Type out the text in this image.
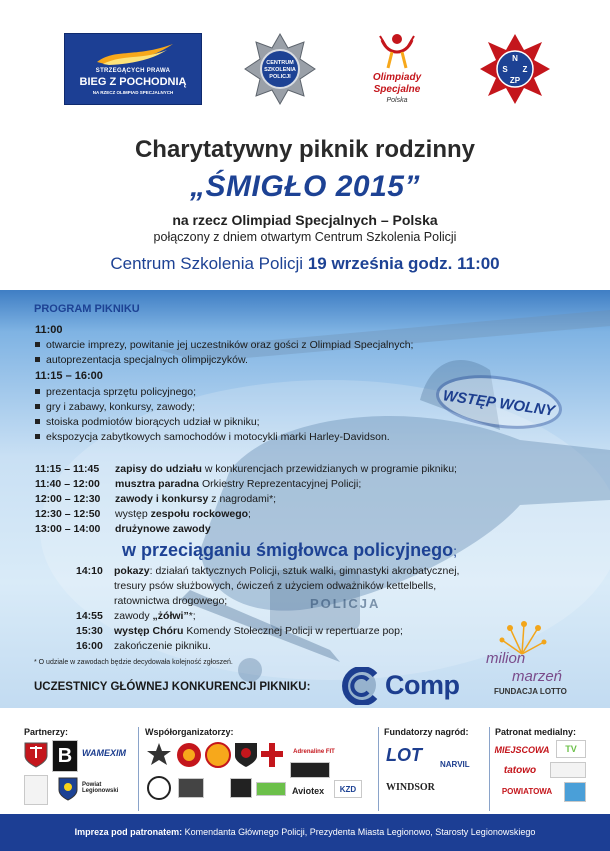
STRZEGĄCYCH PRAWA
BIEG Z POCHODNIĄ
NA RZECZ OLIMPIAD SPECJALNYCH
CENTRUM
SZKOLENIA
POLICJI	Olimpiady
Specjalne
Polska
N
S Z
ZP
Charytatywny piknik rodzinny
„ŚMIGŁO 2015”
na rzecz Olimpiad Specjalnych – Polska
połączony z dniem otwartym Centrum Szkolenia Policji
Centrum Szkolenia Policji 19 września godz. 11:00
POLICJA
PROGRAM PIKNIKU
11:00
otwarcie imprezy, powitanie jej uczestników oraz gości z Olimpiad Specjalnych;
autoprezentacja specjalnych olimpijczyków.
11:15 – 16:00
prezentacja sprzętu policyjnego;
gry i zabawy, konkursy, zawody;
stoiska podmiotów biorących udział w pikniku;
ekspozycja zabytkowych samochodów i motocykli marki Harley-Davidson.
WSTĘP WOLNY
11:15 – 11:45 zapisy do udziału w konkurencjach przewidzianych w programie pikniku;
11:40 – 12:00 musztra paradna Orkiestry Reprezentacyjnej Policji;
12:00 – 12:30 zawody i konkursy z nagrodami*;
12:30 – 12:50 występ zespołu rockowego;
13:00 – 14:00 drużynowe zawody
w przeciąganiu śmigłowca policyjnego;
14:10 pokazy: działań taktycznych Policji, sztuk walki, gimnastyki akrobatycznej,
tresury psów służbowych, ćwiczeń z użyciem odważników kettelbells,
ratownictwa drogowego;
14:55 zawody „żółwi”*;
15:30 występ Chóru Komendy Stołecznej Policji w repertuarze pop;
16:00 zakończenie pikniku.
* O udziale w zawodach będzie decydowała kolejność zgłoszeń.
UCZESTNICY GŁÓWNEJ KONKURENCJI PIKNIKU:	Comp
milion
marzeń
FUNDACJA LOTTO
Partnerzy:	Współorganizatorzy:	Fundatorzy nagród:	Patronat medialny:
B WAMEXIM
Powiat Legionowski
Adrenaline FIT
Aviotex KZD
LOT NARVIL
WINDSOR
MIEJSCOWA TV
tatowo
POWIATOWA
Impreza pod patronatem: Komendanta Głównego Policji, Prezydenta Miasta Legionowo, Starosty Legionowskiego
